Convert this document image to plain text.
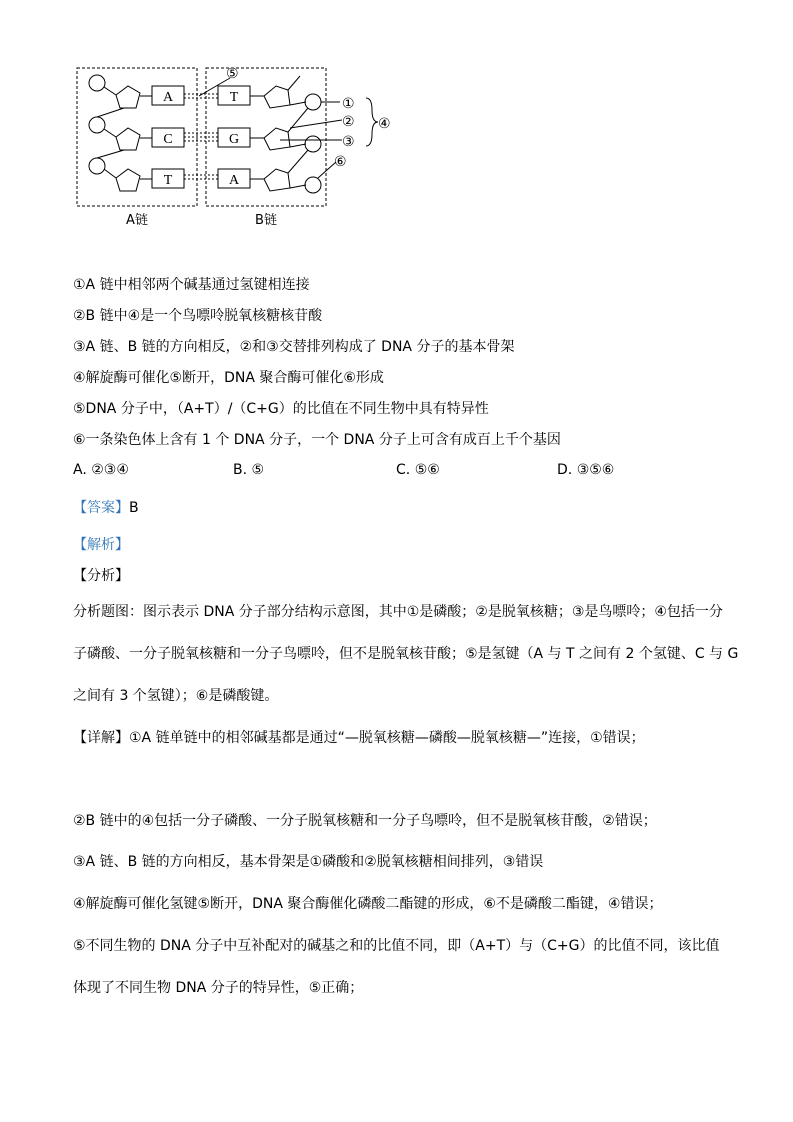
A
C
T
T
G
A
⑤
①
②
③
④
⑥
A链	B链
①A 链中相邻两个碱基通过氢键相连接
②B 链中④是一个鸟嘌呤脱氧核糖核苷酸
③A 链、B 链的方向相反，②和③交替排列构成了 DNA 分子的基本骨架
④解旋酶可催化⑤断开，DNA 聚合酶可催化⑥形成
⑤DNA 分子中，（A+T）/（C+G）的比值在不同生物中具有特异性
⑥一条染色体上含有 1 个 DNA 分子，一个 DNA 分子上可含有成百上千个基因
A. ②③④	B. ⑤	C. ⑤⑥	D. ③⑤⑥
【答案】B
【解析】
【分析】
分析题图：图示表示 DNA 分子部分结构示意图，其中①是磷酸；②是脱氧核糖；③是鸟嘌呤；④包括一分
子磷酸、一分子脱氧核糖和一分子鸟嘌呤，但不是脱氧核苷酸；⑤是氢键（A 与 T 之间有 2 个氢键、C 与 G
之间有 3 个氢键）；⑥是磷酸键。
【详解】①A 链单链中的相邻碱基都是通过“—脱氧核糖—磷酸—脱氧核糖—”连接，①错误；
②B 链中的④包括一分子磷酸、一分子脱氧核糖和一分子鸟嘌呤，但不是脱氧核苷酸，②错误；
③A 链、B 链的方向相反，基本骨架是①磷酸和②脱氧核糖相间排列，③错误
④解旋酶可催化氢键⑤断开，DNA 聚合酶催化磷酸二酯键的形成，⑥不是磷酸二酯键，④错误；
⑤不同生物的 DNA 分子中互补配对的碱基之和的比值不同，即（A+T）与（C+G）的比值不同，该比值
体现了不同生物 DNA 分子的特异性，⑤正确；
